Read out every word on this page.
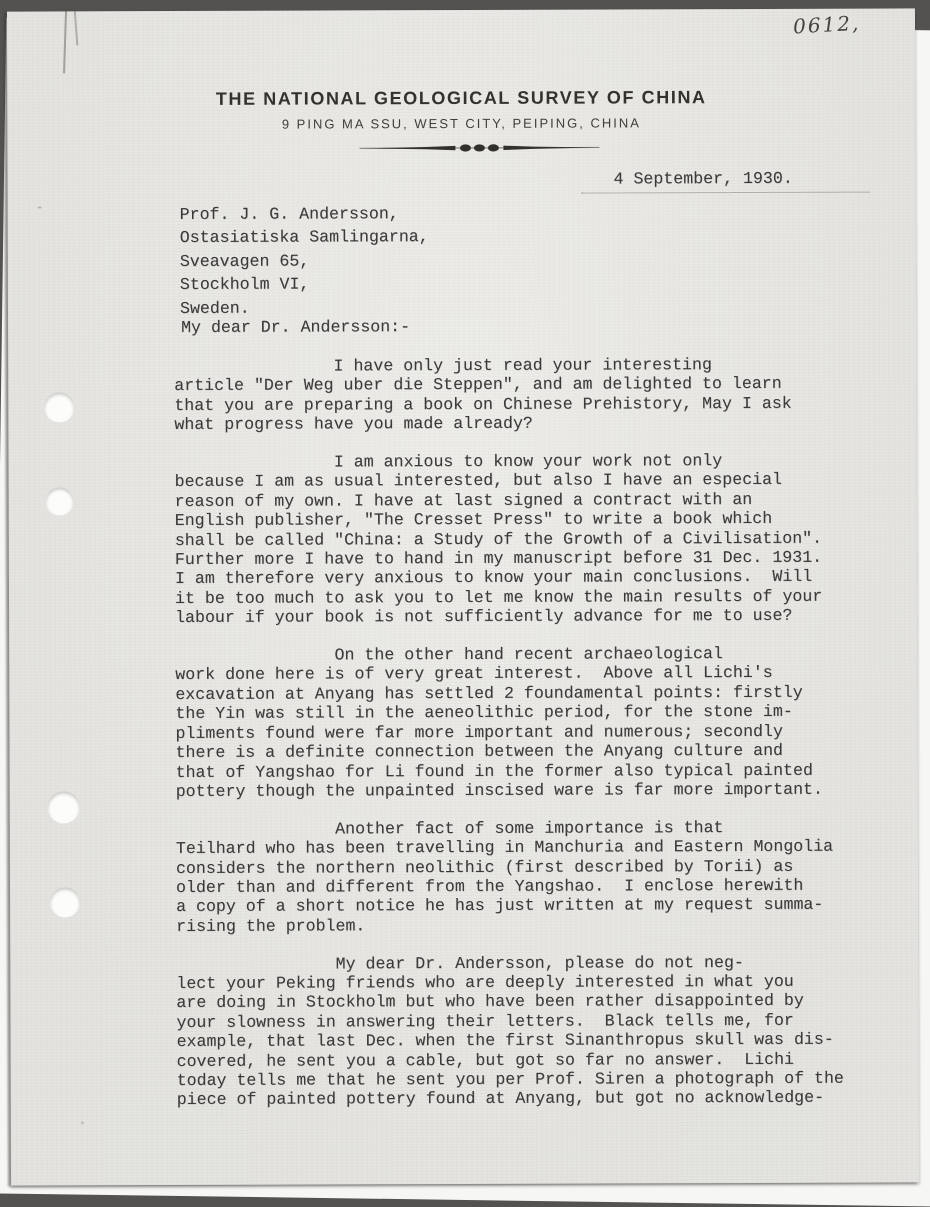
0612,
THE NATIONAL GEOLOGICAL SURVEY OF CHINA
9 PING MA SSU, WEST CITY, PEIPING, CHINA
4 September, 1930.
Prof. J. G. Andersson,
Ostasiatiska Samlingarna,
Sveavagen 65,
Stockholm VI,
Sweden.
My dear Dr. Andersson:-
I have only just read your interesting
article "Der Weg uber die Steppen", and am delighted to learn
that you are preparing a book on Chinese Prehistory, May I ask
what progress have you made already?
I am anxious to know your work not only
because I am as usual interested, but also I have an especial
reason of my own. I have at last signed a contract with an
English publisher, "The Cresset Press" to write a book which
shall be called "China: a Study of the Growth of a Civilisation".
Further more I have to hand in my manuscript before 31 Dec. 1931.
I am therefore very anxious to know your main conclusions.  Will
it be too much to ask you to let me know the main results of your
labour if your book is not sufficiently advance for me to use?
On the other hand recent archaeological
work done here is of very great interest.  Above all Lichi's
excavation at Anyang has settled 2 foundamental points: firstly
the Yin was still in the aeneolithic period, for the stone im-
pliments found were far more important and numerous; secondly
there is a definite connection between the Anyang culture and
that of Yangshao for Li found in the former also typical painted
pottery though the unpainted inscised ware is far more important.
Another fact of some importance is that
Teilhard who has been travelling in Manchuria and Eastern Mongolia
considers the northern neolithic (first described by Torii) as
older than and different from the Yangshao.  I enclose herewith
a copy of a short notice he has just written at my request summa-
rising the problem.
My dear Dr. Andersson, please do not neg-
lect your Peking friends who are deeply interested in what you
are doing in Stockholm but who have been rather disappointed by
your slowness in answering their letters.  Black tells me, for
example, that last Dec. when the first Sinanthropus skull was dis-
covered, he sent you a cable, but got so far no answer.  Lichi
today tells me that he sent you per Prof. Siren a photograph of the
piece of painted pottery found at Anyang, but got no acknowledge-
